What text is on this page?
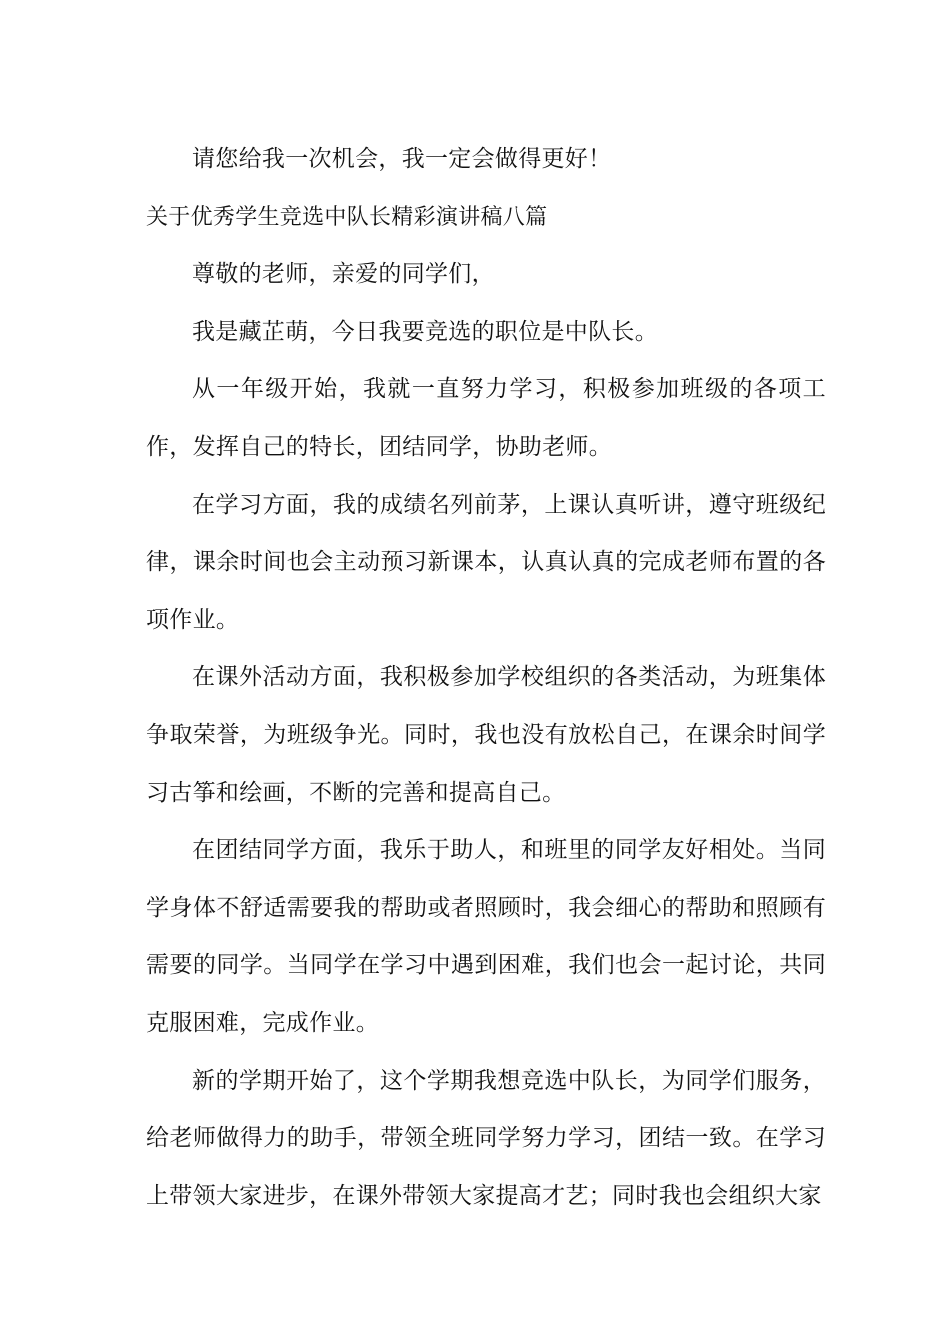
请您给我一次机会，我一定会做得更好！

关于优秀学生竞选中队长精彩演讲稿八篇

尊敬的老师，亲爱的同学们，

我是藏芷萌，今日我要竞选的职位是中队长。

从一年级开始，我就一直努力学习，积极参加班级的各项工作，发挥自己的特长，团结同学，协助老师。

在学习方面，我的成绩名列前茅，上课认真听讲，遵守班级纪律，课余时间也会主动预习新课本，认真认真的完成老师布置的各项作业。

在课外活动方面，我积极参加学校组织的各类活动，为班集体争取荣誉，为班级争光。同时，我也没有放松自己，在课余时间学习古筝和绘画，不断的完善和提高自己。

在团结同学方面，我乐于助人，和班里的同学友好相处。当同学身体不舒适需要我的帮助或者照顾时，我会细心的帮助和照顾有需要的同学。当同学在学习中遇到困难，我们也会一起讨论，共同克服困难，完成作业。

新的学期开始了，这个学期我想竞选中队长，为同学们服务，给老师做得力的助手，带领全班同学努力学习，团结一致。在学习上带领大家进步，在课外带领大家提高才艺；同时我也会组织大家
